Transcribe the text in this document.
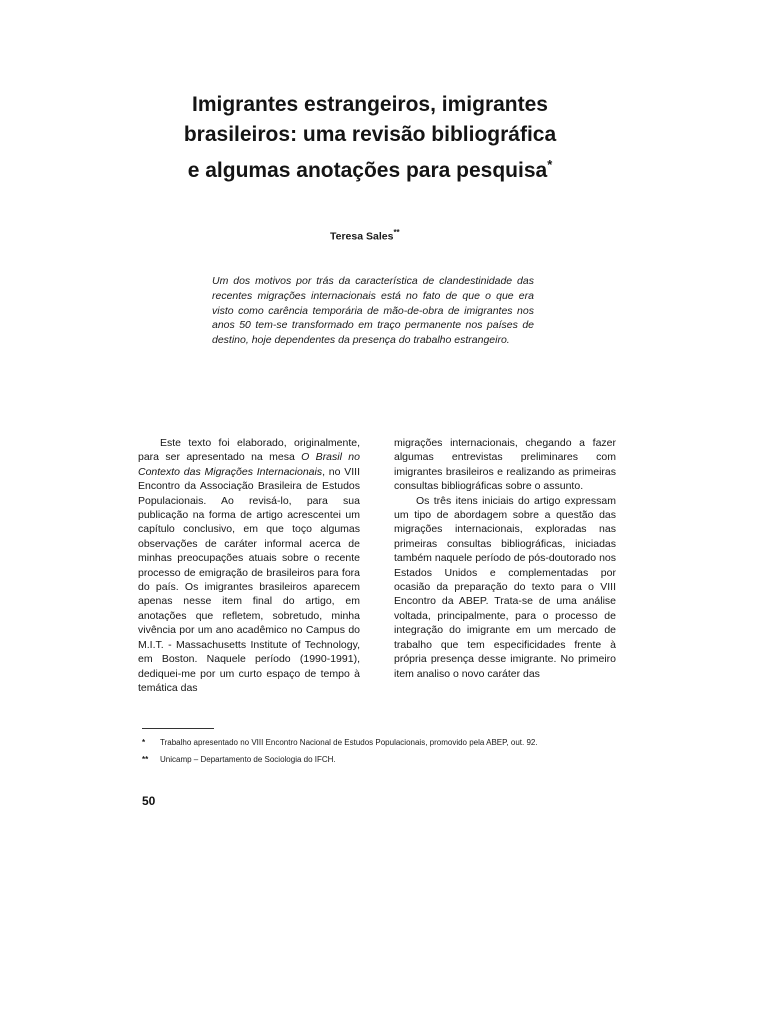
Imigrantes estrangeiros, imigrantes
brasileiros: uma revisão bibliográfica
e algumas anotações para pesquisa*

Teresa Sales**

Um dos motivos por trás da característica de clandestinidade das recentes migrações internacionais está no fato de que o que era visto como carência temporária de mão-de-obra de imigrantes nos anos 50 tem-se transformado em traço permanente nos países de destino, hoje dependentes da presença do trabalho estrangeiro.

Este texto foi elaborado, originalmente, para ser apresentado na mesa O Brasil no Contexto das Migrações Internacionais, no VIII Encontro da Associação Brasileira de Estudos Populacionais. Ao revisá-lo, para sua publicação na forma de artigo acrescentei um capítulo conclusivo, em que toço algumas observações de caráter informal acerca de minhas preocupações atuais sobre o recente processo de emigração de brasileiros para fora do país. Os imigrantes brasileiros aparecem apenas nesse item final do artigo, em anotações que refletem, sobretudo, minha vivência por um ano acadêmico no Campus do M.I.T. - Massachusetts Institute of Technology, em Boston. Naquele período (1990-1991), dediquei-me por um curto espaço de tempo à temática das

migrações internacionais, chegando a fazer algumas entrevistas preliminares com imigrantes brasileiros e realizando as primeiras consultas bibliográficas sobre o assunto.

Os três itens iniciais do artigo expressam um tipo de abordagem sobre a questão das migrações internacionais, exploradas nas primeiras consultas bibliográficas, iniciadas também naquele período de pós-doutorado nos Estados Unidos e complementadas por ocasião da preparação do texto para o VIII Encontro da ABEP. Trata-se de uma análise voltada, principalmente, para o processo de integração do imigrante em um mercado de trabalho que tem especificidades frente à própria presença desse imigrante. No primeiro item analiso o novo caráter das

* Trabalho apresentado no VIII Encontro Nacional de Estudos Populacionais, promovido pela ABEP, out. 92.

** Unicamp – Departamento de Sociologia do IFCH.

50
